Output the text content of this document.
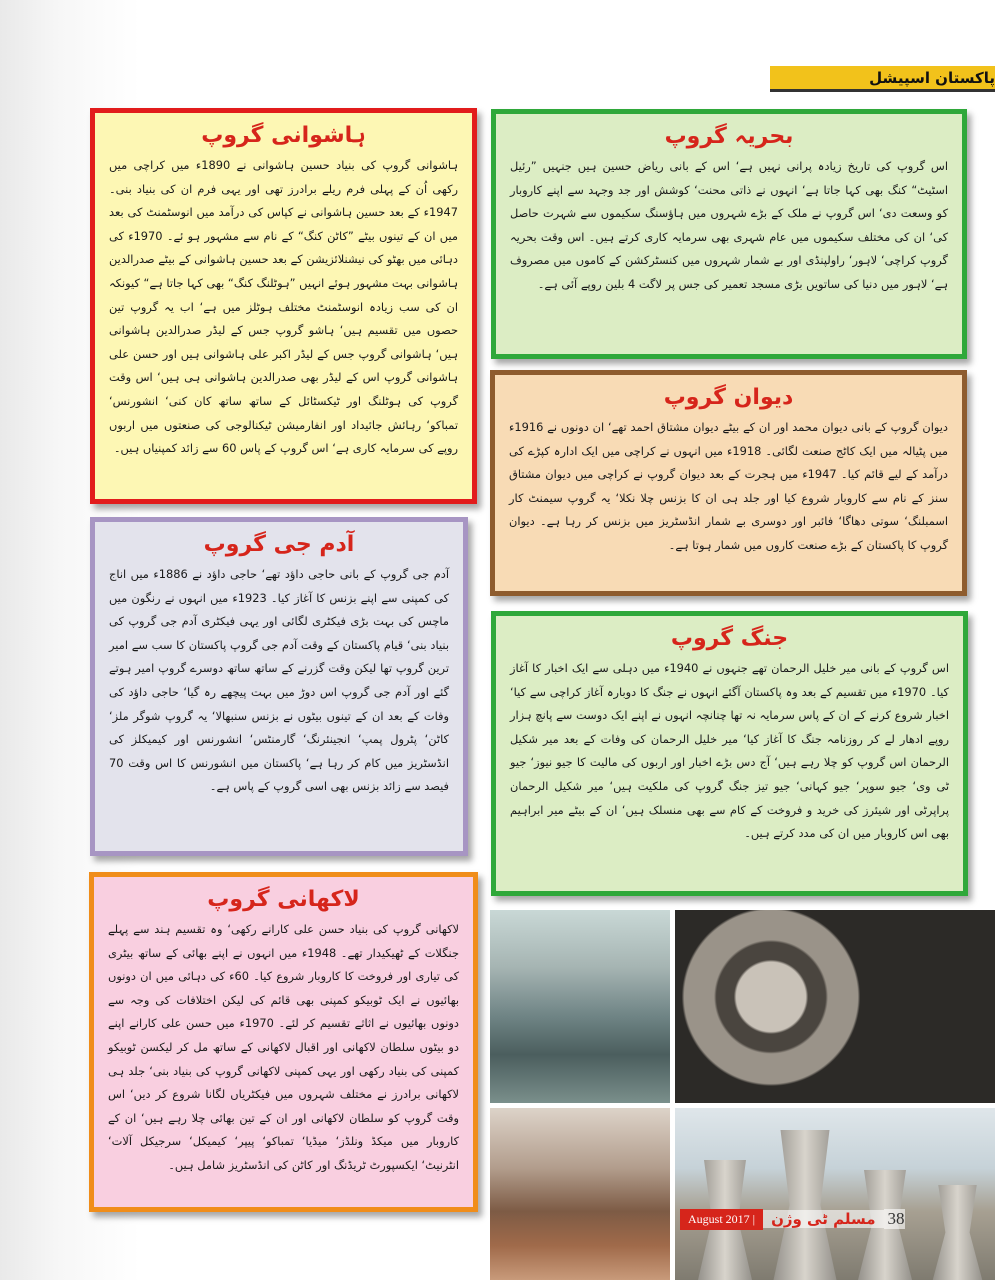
پاکستان اسپیشل
ہاشوانی گروپ

ہاشوانی گروپ کی بنیاد حسین ہاشوانی نے 1890ء میں کراچی میں رکھی اُن کے پہلی فرم ریلے برادرز تھی اور یہی فرم ان کی بنیاد بنی۔ 1947ء کے بعد حسین ہاشوانی نے کپاس کی درآمد میں انوسٹمنٹ کی بعد میں ان کے تینوں بیٹے ”کاٹن کنگ“ کے نام سے مشہور ہو ئے۔ 1970ء کی دہائی میں بھٹو کی نیشنلائزیشن کے بعد حسین ہاشوانی کے بیٹے صدرالدین ہاشوانی بہت مشہور ہوئے انہیں ”ہوٹلنگ کنگ“ بھی کہا جاتا ہے“ کیونکہ ان کی سب زیادہ انوسٹمنٹ مختلف ہوٹلز میں ہے‘ اب یہ گروپ تین حصوں میں تقسیم ہیں‘ ہاشو گروپ جس کے لیڈر صدرالدین ہاشوانی ہیں‘ ہاشوانی گروپ جس کے لیڈر اکبر علی ہاشوانی ہیں اور حسن علی ہاشوانی گروپ اس کے لیڈر بھی صدرالدین ہاشوانی ہی ہیں‘ اس وقت گروپ کی ہوٹلنگ اور ٹیکسٹائل کے ساتھ ساتھ کان کنی‘ انشورنس‘ تمباکو‘ رہائش جائیداد اور انفارمیشن ٹیکنالوجی کی صنعتوں میں اربوں روپے کی سرمایہ کاری ہے‘ اس گروپ کے پاس 60 سے زائد کمپنیاں ہیں۔

بحریہ گروپ

اس گروپ کی تاریخ زیادہ پرانی نہیں ہے‘ اس کے بانی ریاض حسین ہیں جنہیں ”رئیل اسٹیٹ“ کنگ بھی کہا جاتا ہے‘ انہوں نے ذاتی محنت‘ کوشش اور جد وجہد سے اپنے کاروبار کو وسعت دی‘ اس گروپ نے ملک کے بڑے شہروں میں ہاؤسنگ سکیموں سے شہرت حاصل کی‘ ان کی مختلف سکیموں میں عام شہری بھی سرمایہ کاری کرتے ہیں۔ اس وقت بحریہ گروپ کراچی‘ لاہور‘ راولپنڈی اور بے شمار شہروں میں کنسٹرکشن کے کاموں میں مصروف ہے‘ لاہور میں دنیا کی ساتویں بڑی مسجد تعمیر کی جس پر لاگت 4 بلین روپے آئی ہے۔

دیوان گروپ

دیوان گروپ کے بانی دیوان محمد اور ان کے بیٹے دیوان مشتاق احمد تھے‘ ان دونوں نے 1916ء میں پٹیالہ میں ایک کاٹج صنعت لگائی۔ 1918ء میں انہوں نے کراچی میں ایک ادارہ کپڑے کی درآمد کے لیے قائم کیا۔ 1947ء میں ہجرت کے بعد دیوان گروپ نے کراچی میں دیوان مشتاق سنز کے نام سے کاروبار شروع کیا اور جلد ہی ان کا بزنس چلا نکلا‘ یہ گروپ سیمنٹ کار اسمبلنگ‘ سوتی دھاگا‘ فائبر اور دوسری بے شمار انڈسٹریز میں بزنس کر رہا ہے۔ دیوان گروپ کا پاکستان کے بڑے صنعت کاروں میں شمار ہوتا ہے۔

آدم جی گروپ

آدم جی گروپ کے بانی حاجی داؤد تھے‘ حاجی داؤد نے 1886ء میں اناج کی کمپنی سے اپنے بزنس کا آغاز کیا۔ 1923ء میں انہوں نے رنگون میں ماچس کی بہت بڑی فیکٹری لگائی اور یہی فیکٹری آدم جی گروپ کی بنیاد بنی‘ قیام پاکستان کے وقت آدم جی گروپ پاکستان کا سب سے امیر ترین گروپ تھا لیکن وقت گزرنے کے ساتھ ساتھ دوسرے گروپ امیر ہوتے گئے اور آدم جی گروپ اس دوڑ میں بہت پیچھے رہ گیا‘ حاجی داؤد کی وفات کے بعد ان کے تینوں بیٹوں نے بزنس سنبھالا‘ یہ گروپ شوگر ملز‘ کاٹن‘ پٹرول پمپ‘ انجینئرنگ‘ گارمنٹس‘ انشورنس اور کیمیکلز کی انڈسٹریز میں کام کر رہا ہے‘ پاکستان میں انشورنس کا اس وقت 70 فیصد سے زائد بزنس بھی اسی گروپ کے پاس ہے۔

جنگ گروپ

اس گروپ کے بانی میر خلیل الرحمان تھے جنہوں نے 1940ء میں دہلی سے ایک اخبار کا آغاز کیا۔ 1970ء میں تقسیم کے بعد وہ پاکستان آگئے انہوں نے جنگ کا دوبارہ آغاز کراچی سے کیا‘ اخبار شروع کرنے کے ان کے پاس سرمایہ نہ تھا چنانچہ انہوں نے اپنے ایک دوست سے پانچ ہزار روپے ادھار لے کر روزنامہ جنگ کا آغاز کیا‘ میر خلیل الرحمان کی وفات کے بعد میر شکیل الرحمان اس گروپ کو چلا رہے ہیں‘ آج دس بڑے اخبار اور اربوں کی مالیت کا جیو نیوز‘ جیو ٹی وی‘ جیو سوپر‘ جیو کہانی‘ جیو تیز جنگ گروپ کی ملکیت ہیں‘ میر شکیل الرحمان پراپرٹی اور شیئرز کی خرید و فروخت کے کام سے بھی منسلک ہیں‘ ان کے بیٹے میر ابراہیم بھی اس کاروبار میں ان کی مدد کرتے ہیں۔

لاکھانی گروپ

لاکھانی گروپ کی بنیاد حسن علی کارانے رکھی‘ وہ تقسیم ہند سے پہلے جنگلات کے ٹھیکیدار تھے۔ 1948ء میں انہوں نے اپنے بھائی کے ساتھ بیٹری کی تیاری اور فروخت کا کاروبار شروع کیا۔ 60ء کی دہائی میں ان دونوں بھائیوں نے ایک ٹوبیکو کمپنی بھی قائم کی لیکن اختلافات کی وجہ سے دونوں بھائیوں نے اثاثے تقسیم کر لئے۔ 1970ء میں حسن علی کارانے اپنے دو بیٹوں سلطان لاکھانی اور اقبال لاکھانی کے ساتھ مل کر لیکسن ٹوبیکو کمپنی کی بنیاد رکھی اور یہی کمپنی لاکھانی گروپ کی بنیاد بنی‘ جلد ہی لاکھانی برادرز نے مختلف شہروں میں فیکٹریاں لگانا شروع کر دیں‘ اس وقت گروپ کو سلطان لاکھانی اور ان کے تین بھائی چلا رہے ہیں‘ ان کے کاروبار میں میکڈ ونلڈز‘ میڈیا‘ تمباکو‘ پیپر‘ کیمیکل‘ سرجیکل آلات‘ انٹرنیٹ‘ ایکسپورٹ ٹریڈنگ اور کاٹن کی انڈسٹریز شامل ہیں۔

August 2017 |	مسلم ٹی وژن 38
